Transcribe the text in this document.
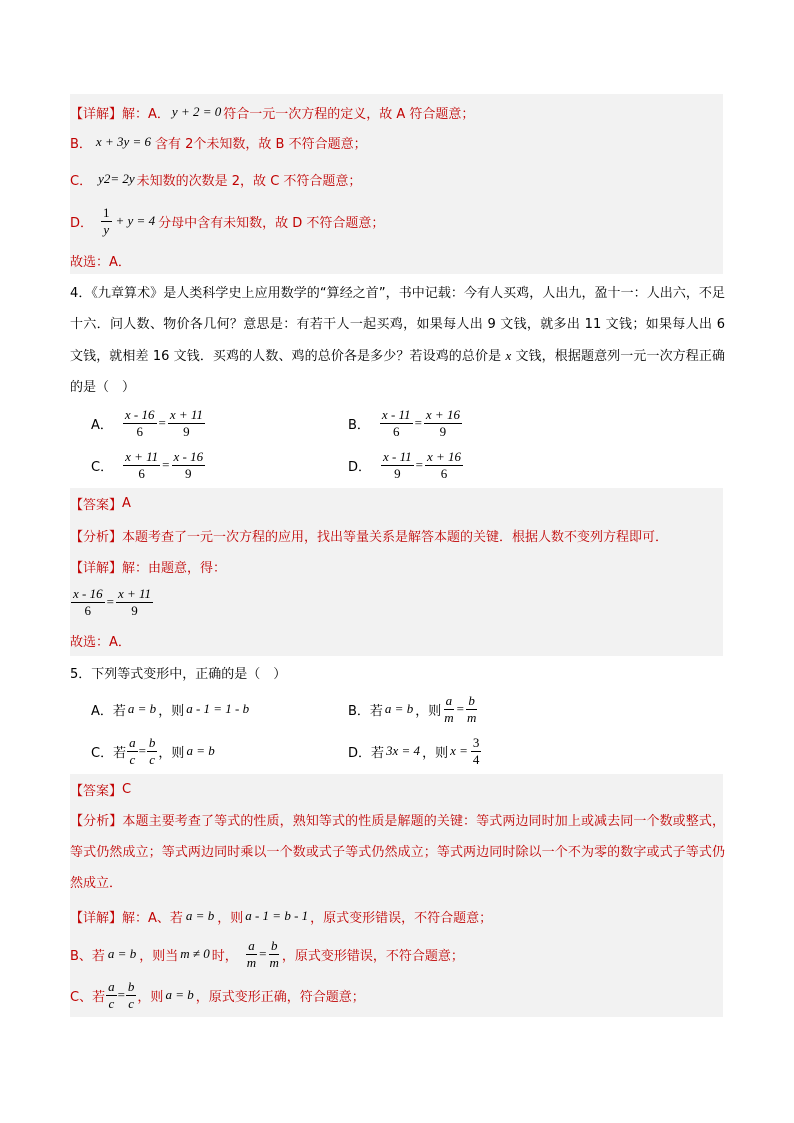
【详解】 解：A． y + 2 = 0 符合一元一次方程的定义，故 A 符合题意；
B． x + 3y = 6 含有 2个未知数，故 B 不符合题意；
C． y 2 = 2y 未知数的次数是 2，故 C 不符合题意；
D． $\frac{1}{y} + y = 4$ 分母中含有未知数，故 D 不符合题意；
故选：A．
4．《九章算术》是人类科学史上应用数学的“算经之首”，书中记载：今有人买鸡，人出九，盈十一：人出六，不足十六．问人数、物价各几何？意思是：有若干人一起买鸡，如果每人出 9 文钱，就多出 11 文钱；如果每人出 6 文钱，就相差 16 文钱．买鸡的人数、鸡的总价各是多少？若设鸡的总价是 x 文钱，根据题意列一元一次方程正确的是（　）
A． $\frac{x - 16}{6} = \frac{x + 11}{9}$	B． $\frac{x - 11}{6} = \frac{x + 16}{9}$
C． $\frac{x + 11}{6} = \frac{x - 16}{9}$	D． $\frac{x - 11}{9} = \frac{x + 16}{6}$
【答案】 A
【分析】 本题考查了一元一次方程的应用，找出等量关系是解答本题的关键．根据人数不变列方程即可．
【详解】 解：由题意，得：
$\frac{x - 16}{6} = \frac{x + 11}{9}$
故选：A．
5．下列等式变形中，正确的是（　）
A．若 a = b ，则 a - 1 = 1 - b	B．若 a = b ，则 $\frac{a}{m} = \frac{b}{m}$
C．若 $\frac{a}{c} = \frac{b}{c}$ ，则 a = b	D．若 3x = 4 ，则 $x = \frac{3}{4}$
【答案】 C
【分析】本题主要考查了等式的性质，熟知等式的性质是解题的关键：等式两边同时加上或减去同一个数或整式，等式仍然成立；等式两边同时乘以一个数或式子等式仍然成立；等式两边同时除以一个不为零的数字或式子等式仍然成立．
【详解】 解：A、若 a = b ，则 a - 1 = b - 1 ，原式变形错误，不符合题意；
B、若 a = b ，则当 m ≠ 0 时， $\frac{a}{m} = \frac{b}{m}$ ，原式变形错误，不符合题意；
C、若 $\frac{a}{c} = \frac{b}{c}$ ，则 a = b ，原式变形正确，符合题意；
